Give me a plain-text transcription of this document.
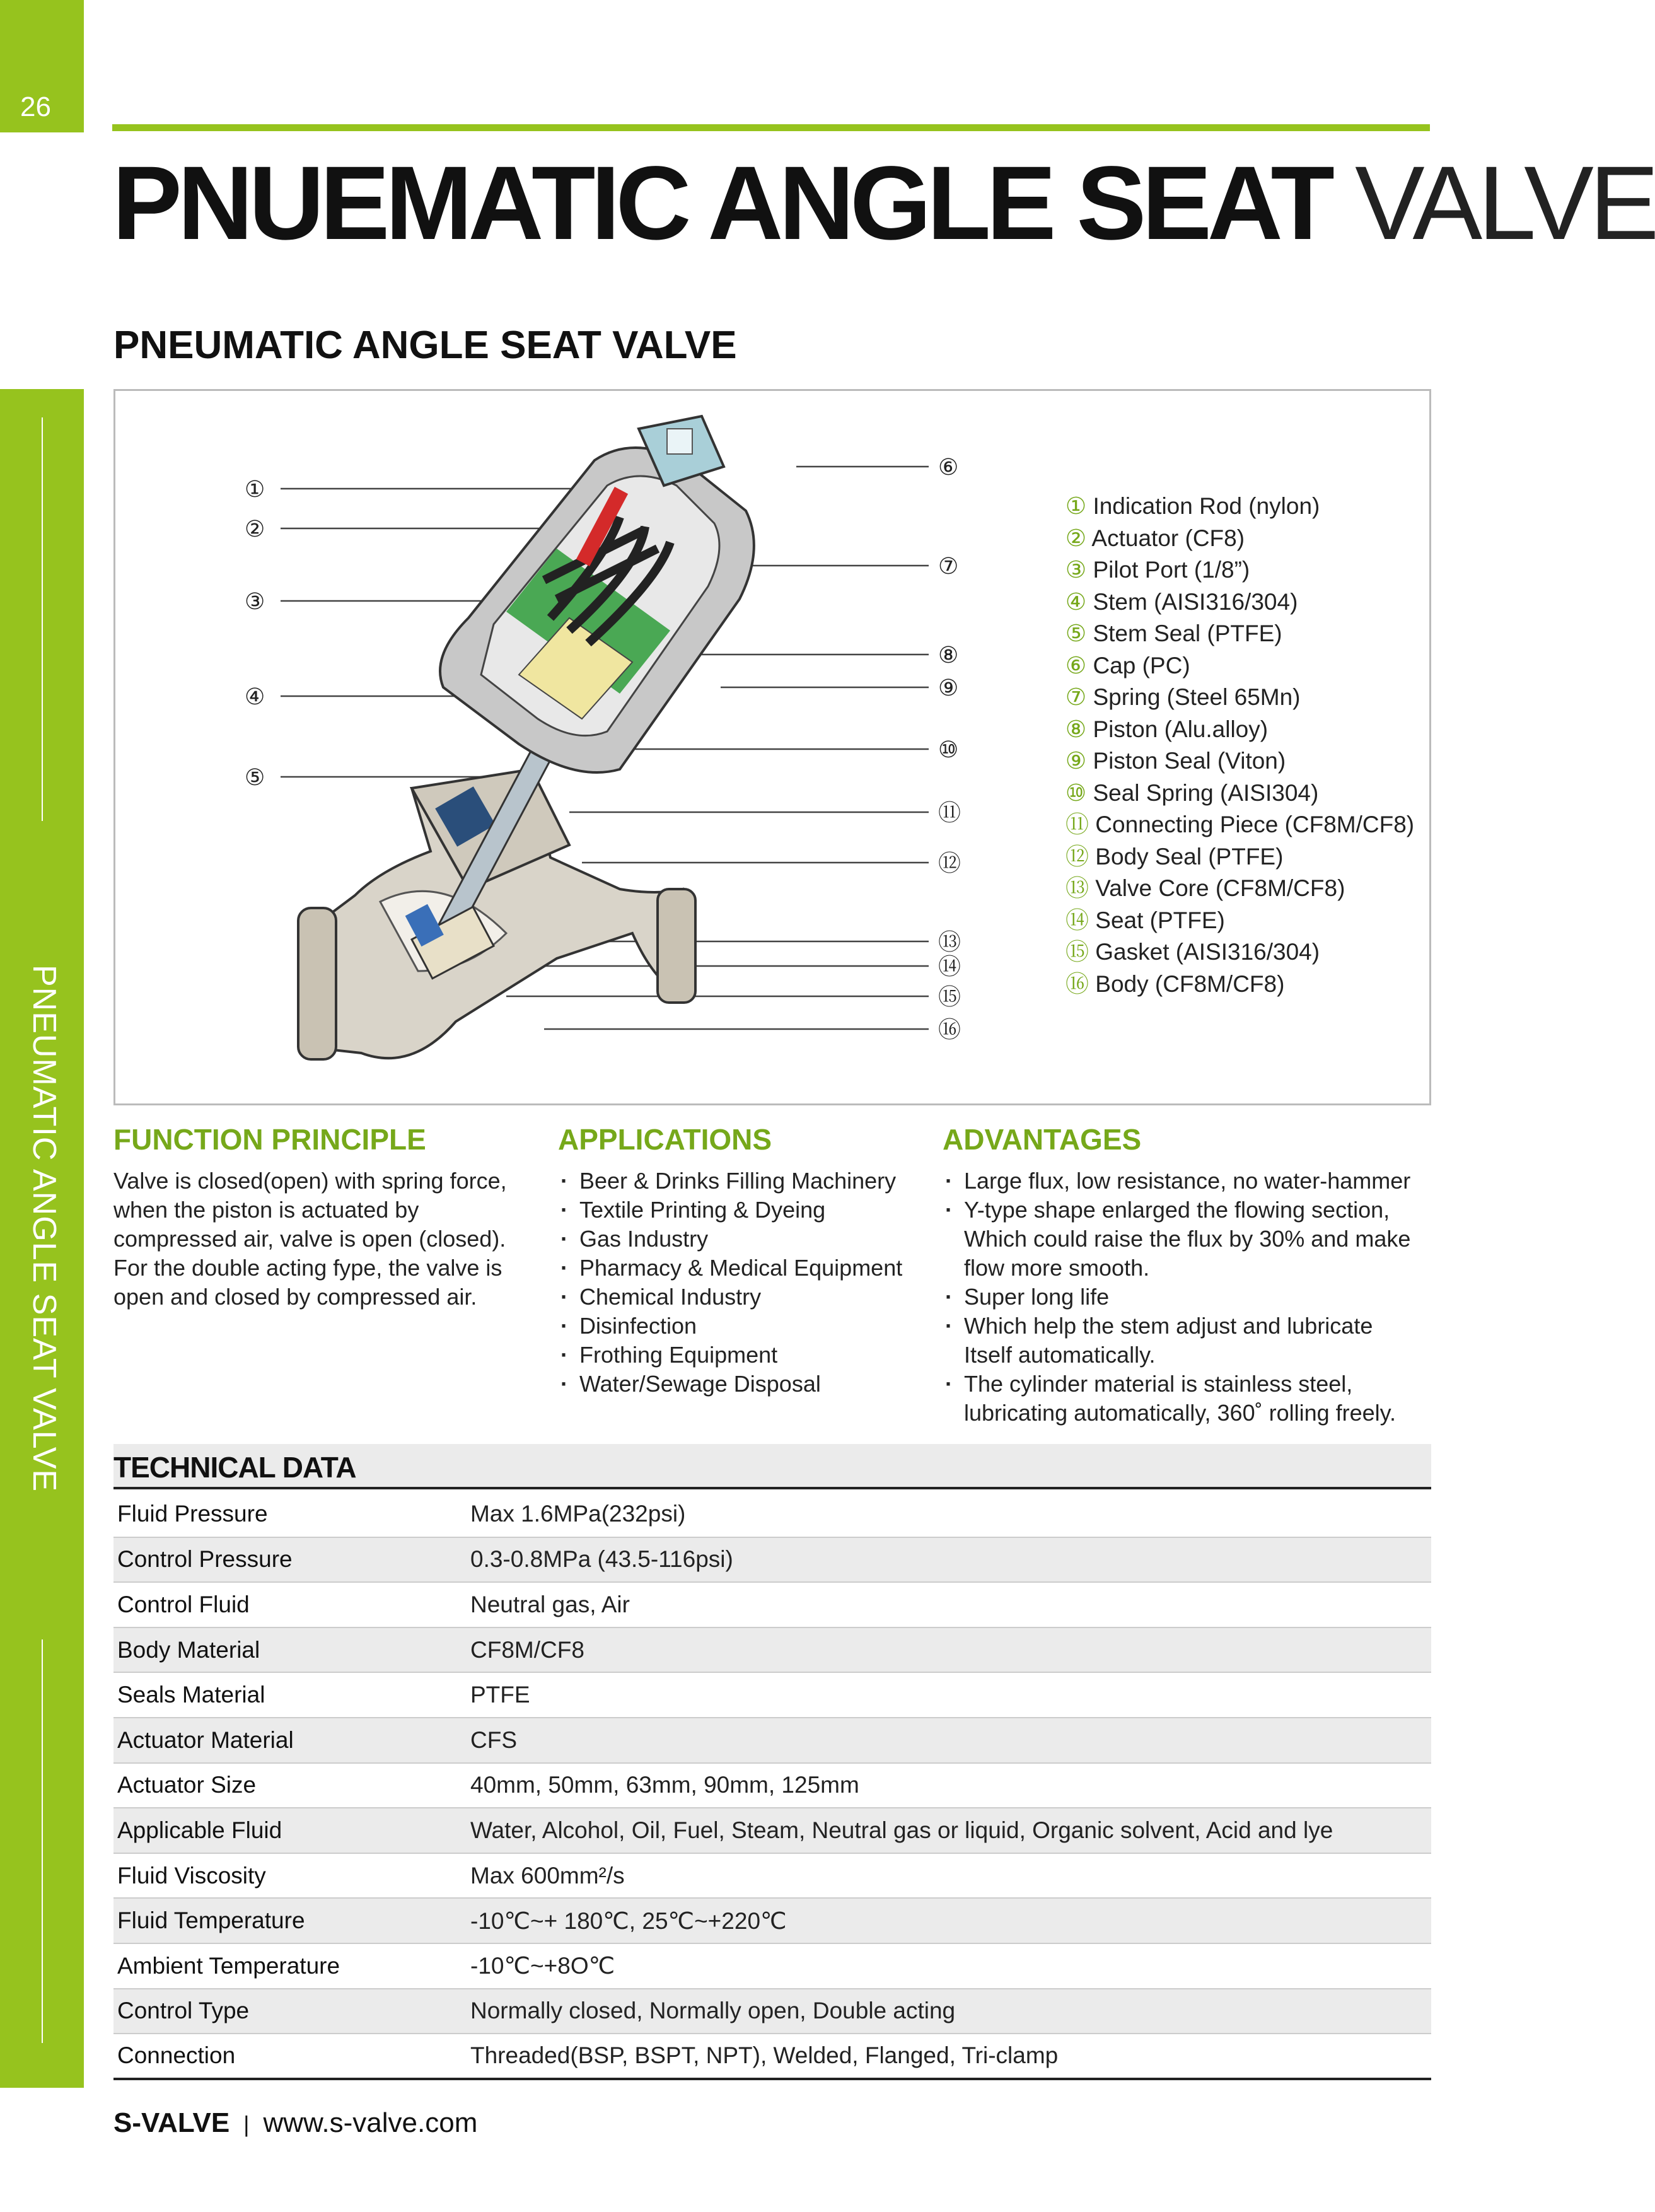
26
PNEUMATIC ANGLE SEAT VALVE
PNUEMATIC ANGLE SEAT VALVE
PNEUMATIC ANGLE SEAT VALVE
①
②
③
④
⑤
⑥
⑦
⑧
⑨
⑩
⑪
⑫
⑬
⑭
⑮
⑯
① Indication Rod (nylon)
② Actuator (CF8)
③ Pilot Port (1/8”)
④ Stem (AISI316/304)
⑤ Stem Seal (PTFE)
⑥ Cap (PC)
⑦ Spring (Steel 65Mn)
⑧ Piston (Alu.alloy)
⑨ Piston Seal (Viton)
⑩ Seal Spring (AISI304)
⑪ Connecting Piece (CF8M/CF8)
⑫ Body Seal (PTFE)
⑬ Valve Core (CF8M/CF8)
⑭ Seat (PTFE)
⑮ Gasket (AISI316/304)
⑯ Body (CF8M/CF8)
FUNCTION PRINCIPLE
Valve is closed(open) with spring force,
when the piston is actuated by
compressed air, valve is open (closed).
For the double acting fype, the valve is
open and closed by compressed air.
APPLICATIONS
· Beer & Drinks Filling Machinery
· Textile Printing & Dyeing
· Gas Industry
· Pharmacy & Medical Equipment
· Chemical Industry
· Disinfection
· Frothing Equipment
· Water/Sewage Disposal
ADVANTAGES
· Large flux, low resistance, no water-hammer
· Y-type shape enlarged the flowing section,
Which could raise the flux by 30% and make
flow more smooth.
· Super long life
· Which help the stem adjust and lubricate
Itself automatically.
· The cylinder material is stainless steel,
lubricating automatically, 360˚ rolling freely.
TECHNICAL DATA
Fluid Pressure	Max 1.6MPa(232psi)
Control Pressure	0.3-0.8MPa (43.5-116psi)
Control Fluid	Neutral gas, Air
Body Material	CF8M/CF8
Seals Material	PTFE
Actuator Material	CFS
Actuator Size	40mm, 50mm, 63mm, 90mm, 125mm
Applicable Fluid	Water, Alcohol, Oil, Fuel, Steam, Neutral gas or liquid, Organic solvent, Acid and lye
Fluid Viscosity	Max 600mm²/s
Fluid Temperature	-10℃~+ 180℃, 25℃~+220℃
Ambient Temperature	-10℃~+8O℃
Control Type	Normally closed, Normally open, Double acting
Connection	Threaded(BSP, BSPT, NPT), Welded, Flanged, Tri-clamp
S-VALVE | www.s-valve.com
